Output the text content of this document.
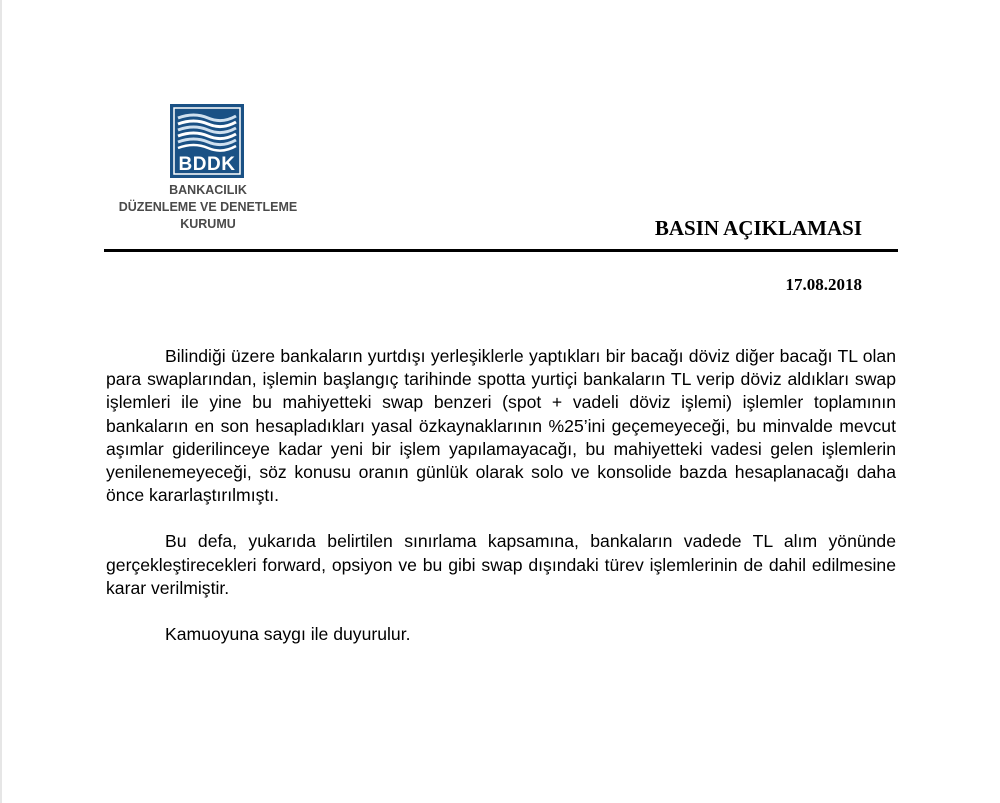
BDDK
BANKACILIK
DÜZENLEME VE DENETLEME
KURUMU	BASIN AÇIKLAMASI
17.08.2018

Bilindiği üzere bankaların yurtdışı yerleşiklerle yaptıkları bir bacağı döviz diğer bacağı TL olan para swaplarından, işlemin başlangıç tarihinde spotta yurtiçi bankaların TL verip döviz aldıkları swap işlemleri ile yine bu mahiyetteki swap benzeri (spot + vadeli döviz işlemi) işlemler toplamının bankaların en son hesapladıkları yasal özkaynaklarının %25’ini geçemeyeceği, bu minvalde mevcut aşımlar giderilinceye kadar yeni bir işlem yapılamayacağı, bu mahiyetteki vadesi gelen işlemlerin yenilenemeyeceği, söz konusu oranın günlük olarak solo ve konsolide bazda hesaplanacağı daha önce kararlaştırılmıştı.

Bu defa, yukarıda belirtilen sınırlama kapsamına, bankaların vadede TL alım yönünde gerçekleştirecekleri forward, opsiyon ve bu gibi swap dışındaki türev işlemlerinin de dahil edilmesine karar verilmiştir.

Kamuoyuna saygı ile duyurulur.
